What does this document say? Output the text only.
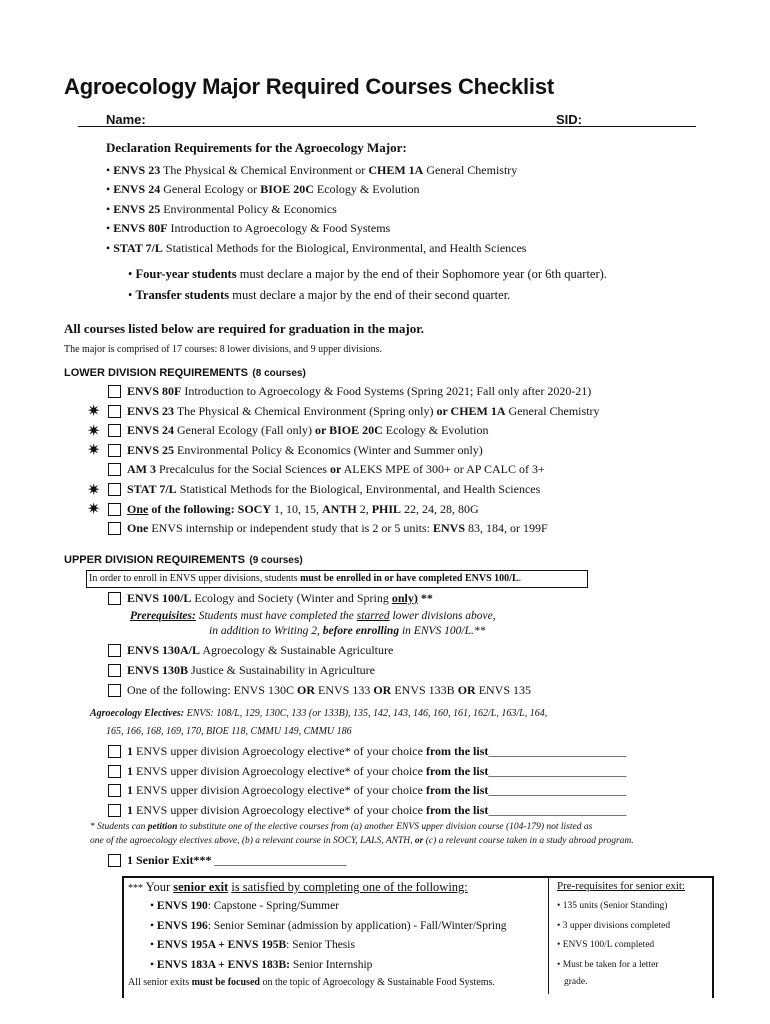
Agroecology Major Required Courses Checklist
Name:	SID:
Declaration Requirements for the Agroecology Major:
• ENVS 23 The Physical & Chemical Environment or CHEM 1A General Chemistry
• ENVS 24 General Ecology or BIOE 20C Ecology & Evolution
• ENVS 25 Environmental Policy & Economics
• ENVS 80F Introduction to Agroecology & Food Systems
• STAT 7/L Statistical Methods for the Biological, Environmental, and Health Sciences
• Four-year students must declare a major by the end of their Sophomore year (or 6th quarter).
• Transfer students must declare a major by the end of their second quarter.
All courses listed below are required for graduation in the major.
The major is comprised of 17 courses: 8 lower divisions, and 9 upper divisions.
LOWER DIVISION REQUIREMENTS (8 courses)
ENVS 80F Introduction to Agroecology & Food Systems (Spring 2021; Fall only after 2020-21)
✷ ENVS 23 The Physical & Chemical Environment (Spring only) or CHEM 1A General Chemistry
✷ ENVS 24 General Ecology (Fall only) or BIOE 20C Ecology & Evolution
✷ ENVS 25 Environmental Policy & Economics (Winter and Summer only)
AM 3 Precalculus for the Social Sciences or ALEKS MPE of 300+ or AP CALC of 3+
✷ STAT 7/L Statistical Methods for the Biological, Environmental, and Health Sciences
✷ One of the following: SOCY 1, 10, 15, ANTH 2, PHIL 22, 24, 28, 80G
One ENVS internship or independent study that is 2 or 5 units: ENVS 83, 184, or 199F
UPPER DIVISION REQUIREMENTS (9 courses)
In order to enroll in ENVS upper divisions, students must be enrolled in or have completed ENVS 100/L.
ENVS 100/L Ecology and Society (Winter and Spring only) **
Prerequisites: Students must have completed the starred lower divisions above,
in addition to Writing 2, before enrolling in ENVS 100/L.**
ENVS 130A/L Agroecology & Sustainable Agriculture
ENVS 130B Justice & Sustainability in Agriculture
One of the following: ENVS 130C OR ENVS 133 OR ENVS 133B OR ENVS 135
Agroecology Electives: ENVS: 108/L, 129, 130C, 133 (or 133B), 135, 142, 143, 146, 160, 161, 162/L, 163/L, 164,
165, 166, 168, 169, 170, BIOE 118, CMMU 149, CMMU 186
1 ENVS upper division Agroecology elective* of your choice from the list_______________________
1 ENVS upper division Agroecology elective* of your choice from the list_______________________
1 ENVS upper division Agroecology elective* of your choice from the list_______________________
1 ENVS upper division Agroecology elective* of your choice from the list_______________________
* Students can petition to substitute one of the elective courses from (a) another ENVS upper division course (104-179) not listed as
one of the agroecology electives above, (b) a relevant course in SOCY, LALS, ANTH, or (c) a relevant course taken in a study abroad program.
1 Senior Exit*** ______________________
*** Your senior exit is satisfied by completing one of the following:
• ENVS 190: Capstone - Spring/Summer
• ENVS 196: Senior Seminar (admission by application) - Fall/Winter/Spring
• ENVS 195A + ENVS 195B: Senior Thesis
• ENVS 183A + ENVS 183B: Senior Internship
All senior exits must be focused on the topic of Agroecology & Sustainable Food Systems.
Pre-requisites for senior exit:
• 135 units (Senior Standing)
• 3 upper divisions completed
• ENVS 100/L completed
• Must be taken for a letter
grade.
